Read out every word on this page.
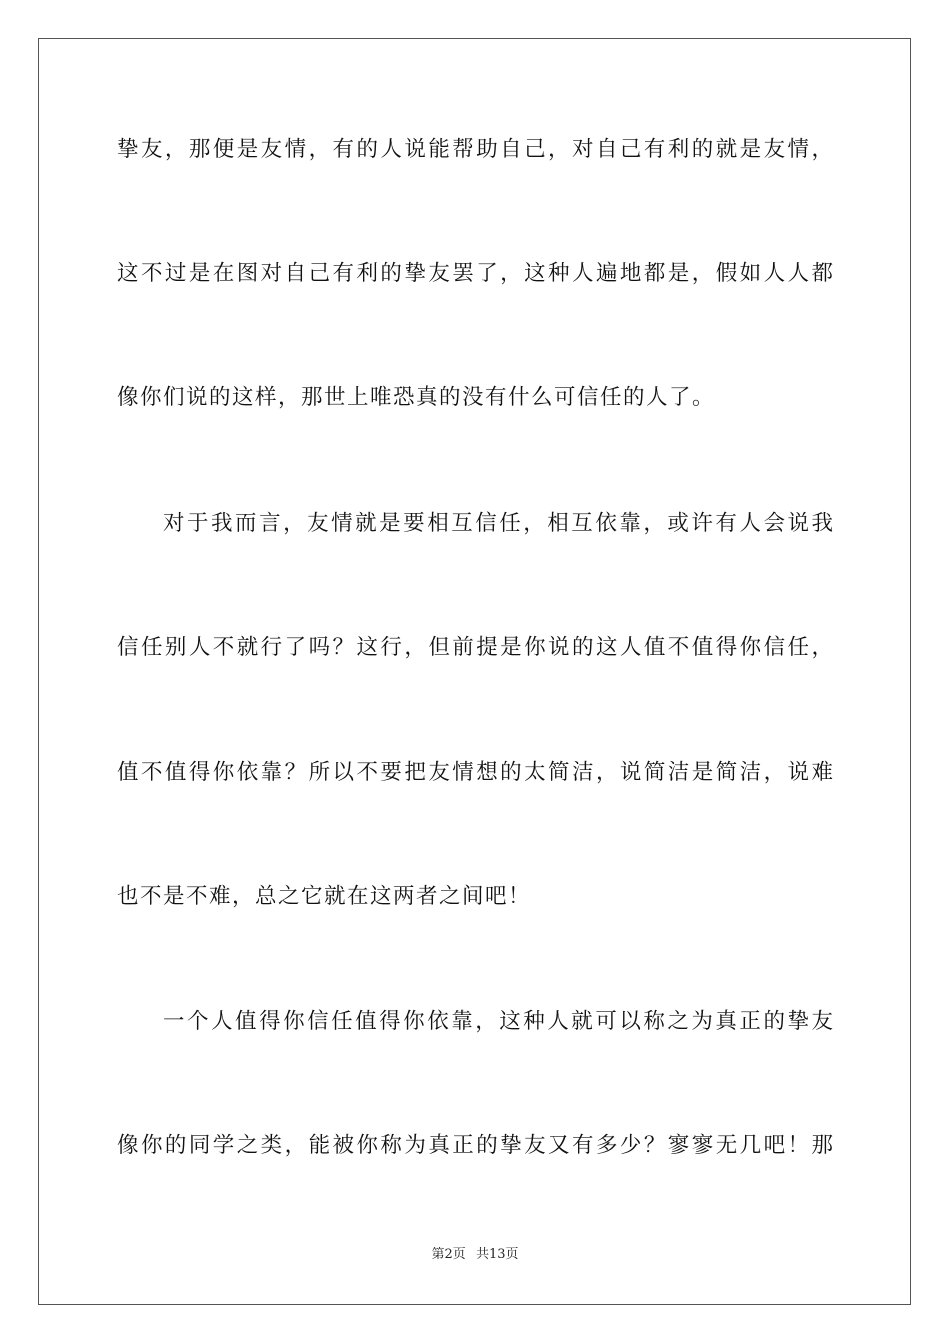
挚友，那便是友情，有的人说能帮助自己，对自己有利的就是友情，
这不过是在图对自己有利的挚友罢了，这种人遍地都是，假如人人都
像你们说的这样，那世上唯恐真的没有什么可信任的人了。
对于我而言，友情就是要相互信任，相互依靠，或许有人会说我
信任别人不就行了吗？这行，但前提是你说的这人值不值得你信任，
值不值得你依靠？所以不要把友情想的太简洁，说简洁是简洁，说难
也不是不难，总之它就在这两者之间吧！
一个人值得你信任值得你依靠，这种人就可以称之为真正的挚友
像你的同学之类，能被你称为真正的挚友又有多少？寥寥无几吧！那
第2页 共13页
